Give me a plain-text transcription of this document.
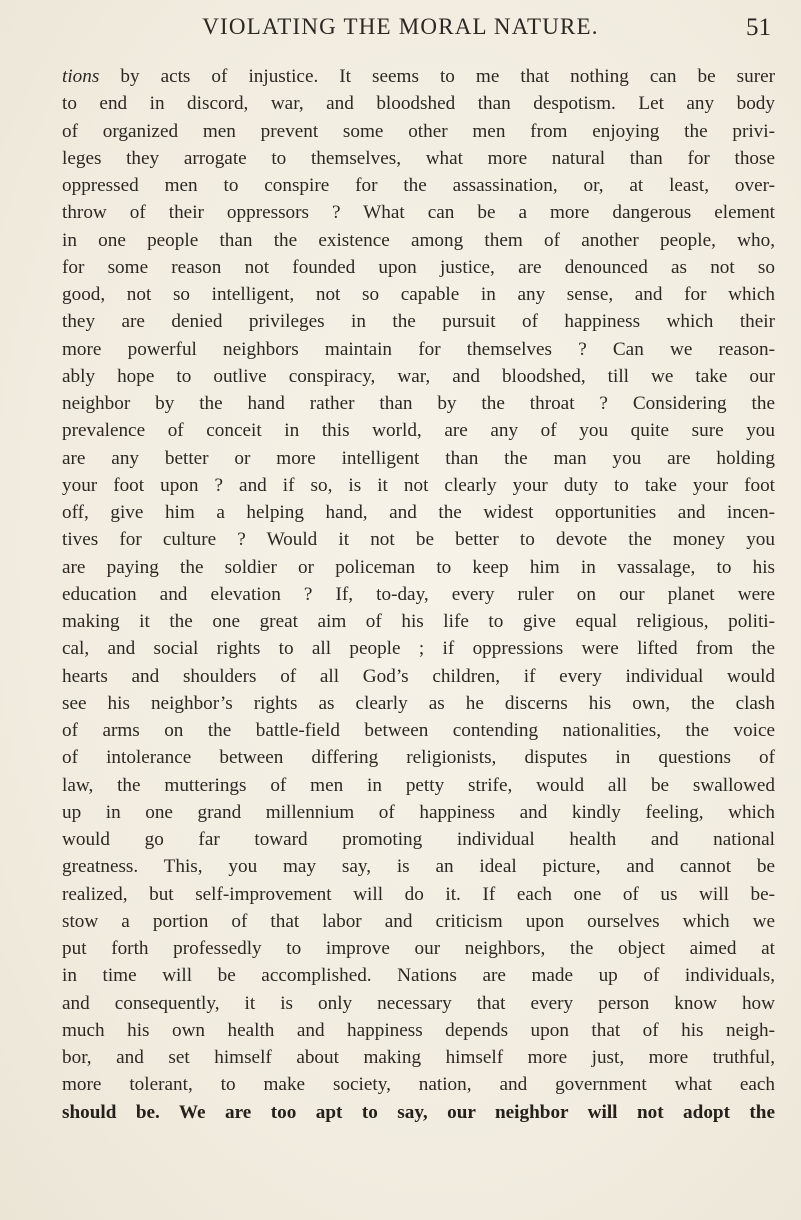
VIOLATING THE MORAL NATURE.	51
tions by acts of injustice. It seems to me that nothing can be surer
to end in discord, war, and bloodshed than despotism. Let any body
of organized men prevent some other men from enjoying the privi-
leges they arrogate to themselves, what more natural than for those
oppressed men to conspire for the assassination, or, at least, over-
throw of their oppressors ? What can be a more dangerous element
in one people than the existence among them of another people, who,
for some reason not founded upon justice, are denounced as not so
good, not so intelligent, not so capable in any sense, and for which
they are denied privileges in the pursuit of happiness which their
more powerful neighbors maintain for themselves ? Can we reason-
ably hope to outlive conspiracy, war, and bloodshed, till we take our
neighbor by the hand rather than by the throat ? Considering the
prevalence of conceit in this world, are any of you quite sure you
are any better or more intelligent than the man you are holding
your foot upon ? and if so, is it not clearly your duty to take your foot
off, give him a helping hand, and the widest opportunities and incen-
tives for culture ? Would it not be better to devote the money you
are paying the soldier or policeman to keep him in vassalage, to his
education and elevation ? If, to-day, every ruler on our planet were
making it the one great aim of his life to give equal religious, politi-
cal, and social rights to all people ; if oppressions were lifted from the
hearts and shoulders of all God’s children, if every individual would
see his neighbor’s rights as clearly as he discerns his own, the clash
of arms on the battle-field between contending nationalities, the voice
of intolerance between differing religionists, disputes in questions of
law, the mutterings of men in petty strife, would all be swallowed
up in one grand millennium of happiness and kindly feeling, which
would go far toward promoting individual health and national
greatness. This, you may say, is an ideal picture, and cannot be
realized, but self-improvement will do it. If each one of us will be-
stow a portion of that labor and criticism upon ourselves which we
put forth professedly to improve our neighbors, the object aimed at
in time will be accomplished. Nations are made up of individuals,
and consequently, it is only necessary that every person know how
much his own health and happiness depends upon that of his neigh-
bor, and set himself about making himself more just, more truthful,
more tolerant, to make society, nation, and government what each
should be. We are too apt to say, our neighbor will not adopt the
